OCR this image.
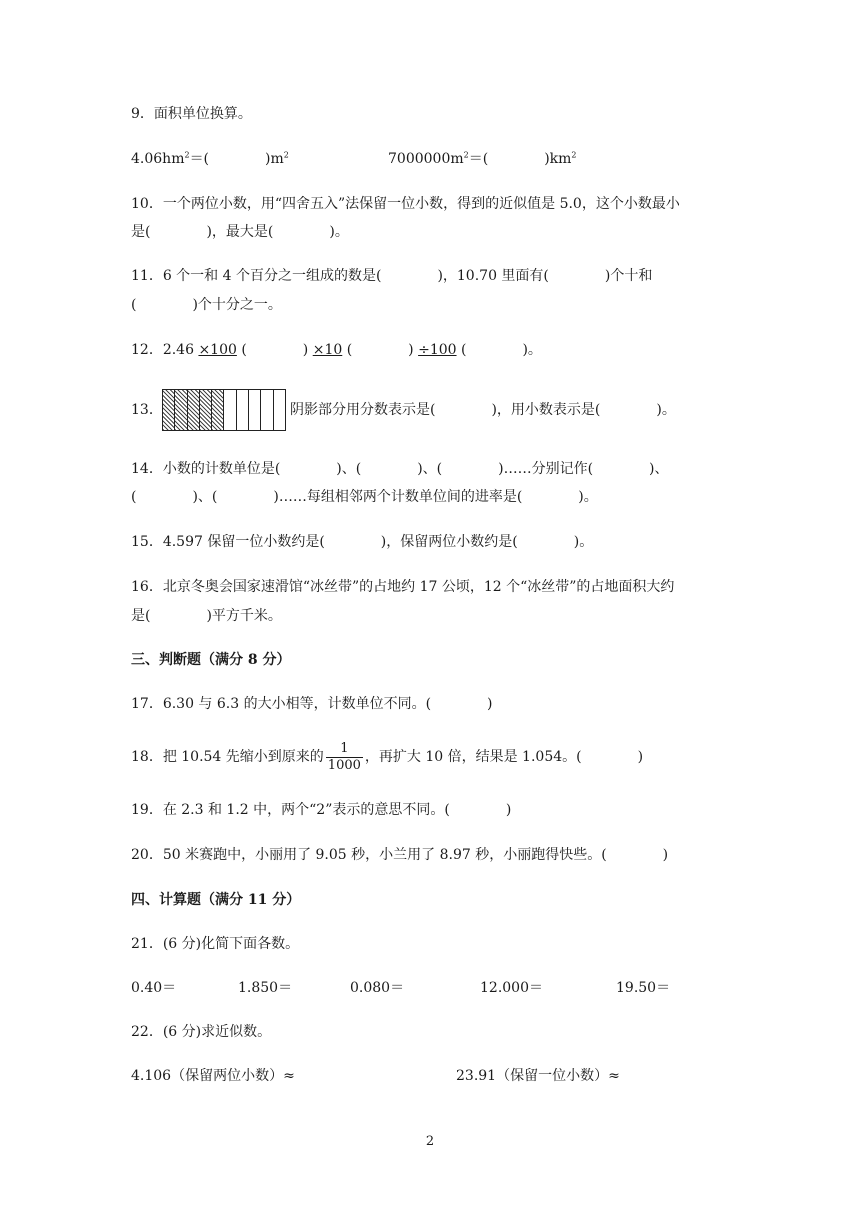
9．面积单位换算。
$4.06hm^2=$(　　　　)$m^2$	$7000000m^2=$(　　　　)$km^2$
10．一个两位小数，用“四舍五入”法保留一位小数，得到的近似值是 5.0，这个小数最小
是(　　　　)，最大是(　　　　)。
11．6 个一和 4 个百分之一组成的数是(　　　　)，10.70 里面有(　　　　)个十和
(　　　　)个十分之一。
12．2.46 ×100 (　　　　) ×10 (　　　　) ÷100 (　　　　)。
13．	阴影部分用分数表示是(　　　　)，用小数表示是(　　　　)。
14．小数的计数单位是(　　　　)、(　　　　)、(　　　　)……分别记作(　　　　)、
(　　　　)、(　　　　)……每组相邻两个计数单位间的进率是(　　　　)。
15．4.597 保留一位小数约是(　　　　)，保留两位小数约是(　　　　)。
16．北京冬奥会国家速滑馆“冰丝带”的占地约 17 公顷，12 个“冰丝带”的占地面积大约
是(　　　　)平方千米。
三、判断题（满分 8 分）
17．6.30 与 6.3 的大小相等，计数单位不同。(　　　　)
18．把 10.54 先缩小到原来的 $\frac{1}{1000}$ ，再扩大 10 倍，结果是 1.054。(　　　　)
19．在 2.3 和 1.2 中，两个“2”表示的意思不同。(　　　　)
20．50 米赛跑中，小丽用了 9.05 秒，小兰用了 8.97 秒，小丽跑得快些。(　　　　)
四、计算题（满分 11 分）
21．(6 分)化简下面各数。
0.40＝	1.850＝	0.080＝	12.000＝	19.50＝
22．(6 分)求近似数。
4.106（保留两位小数）≈	23.91（保留一位小数）≈
2
